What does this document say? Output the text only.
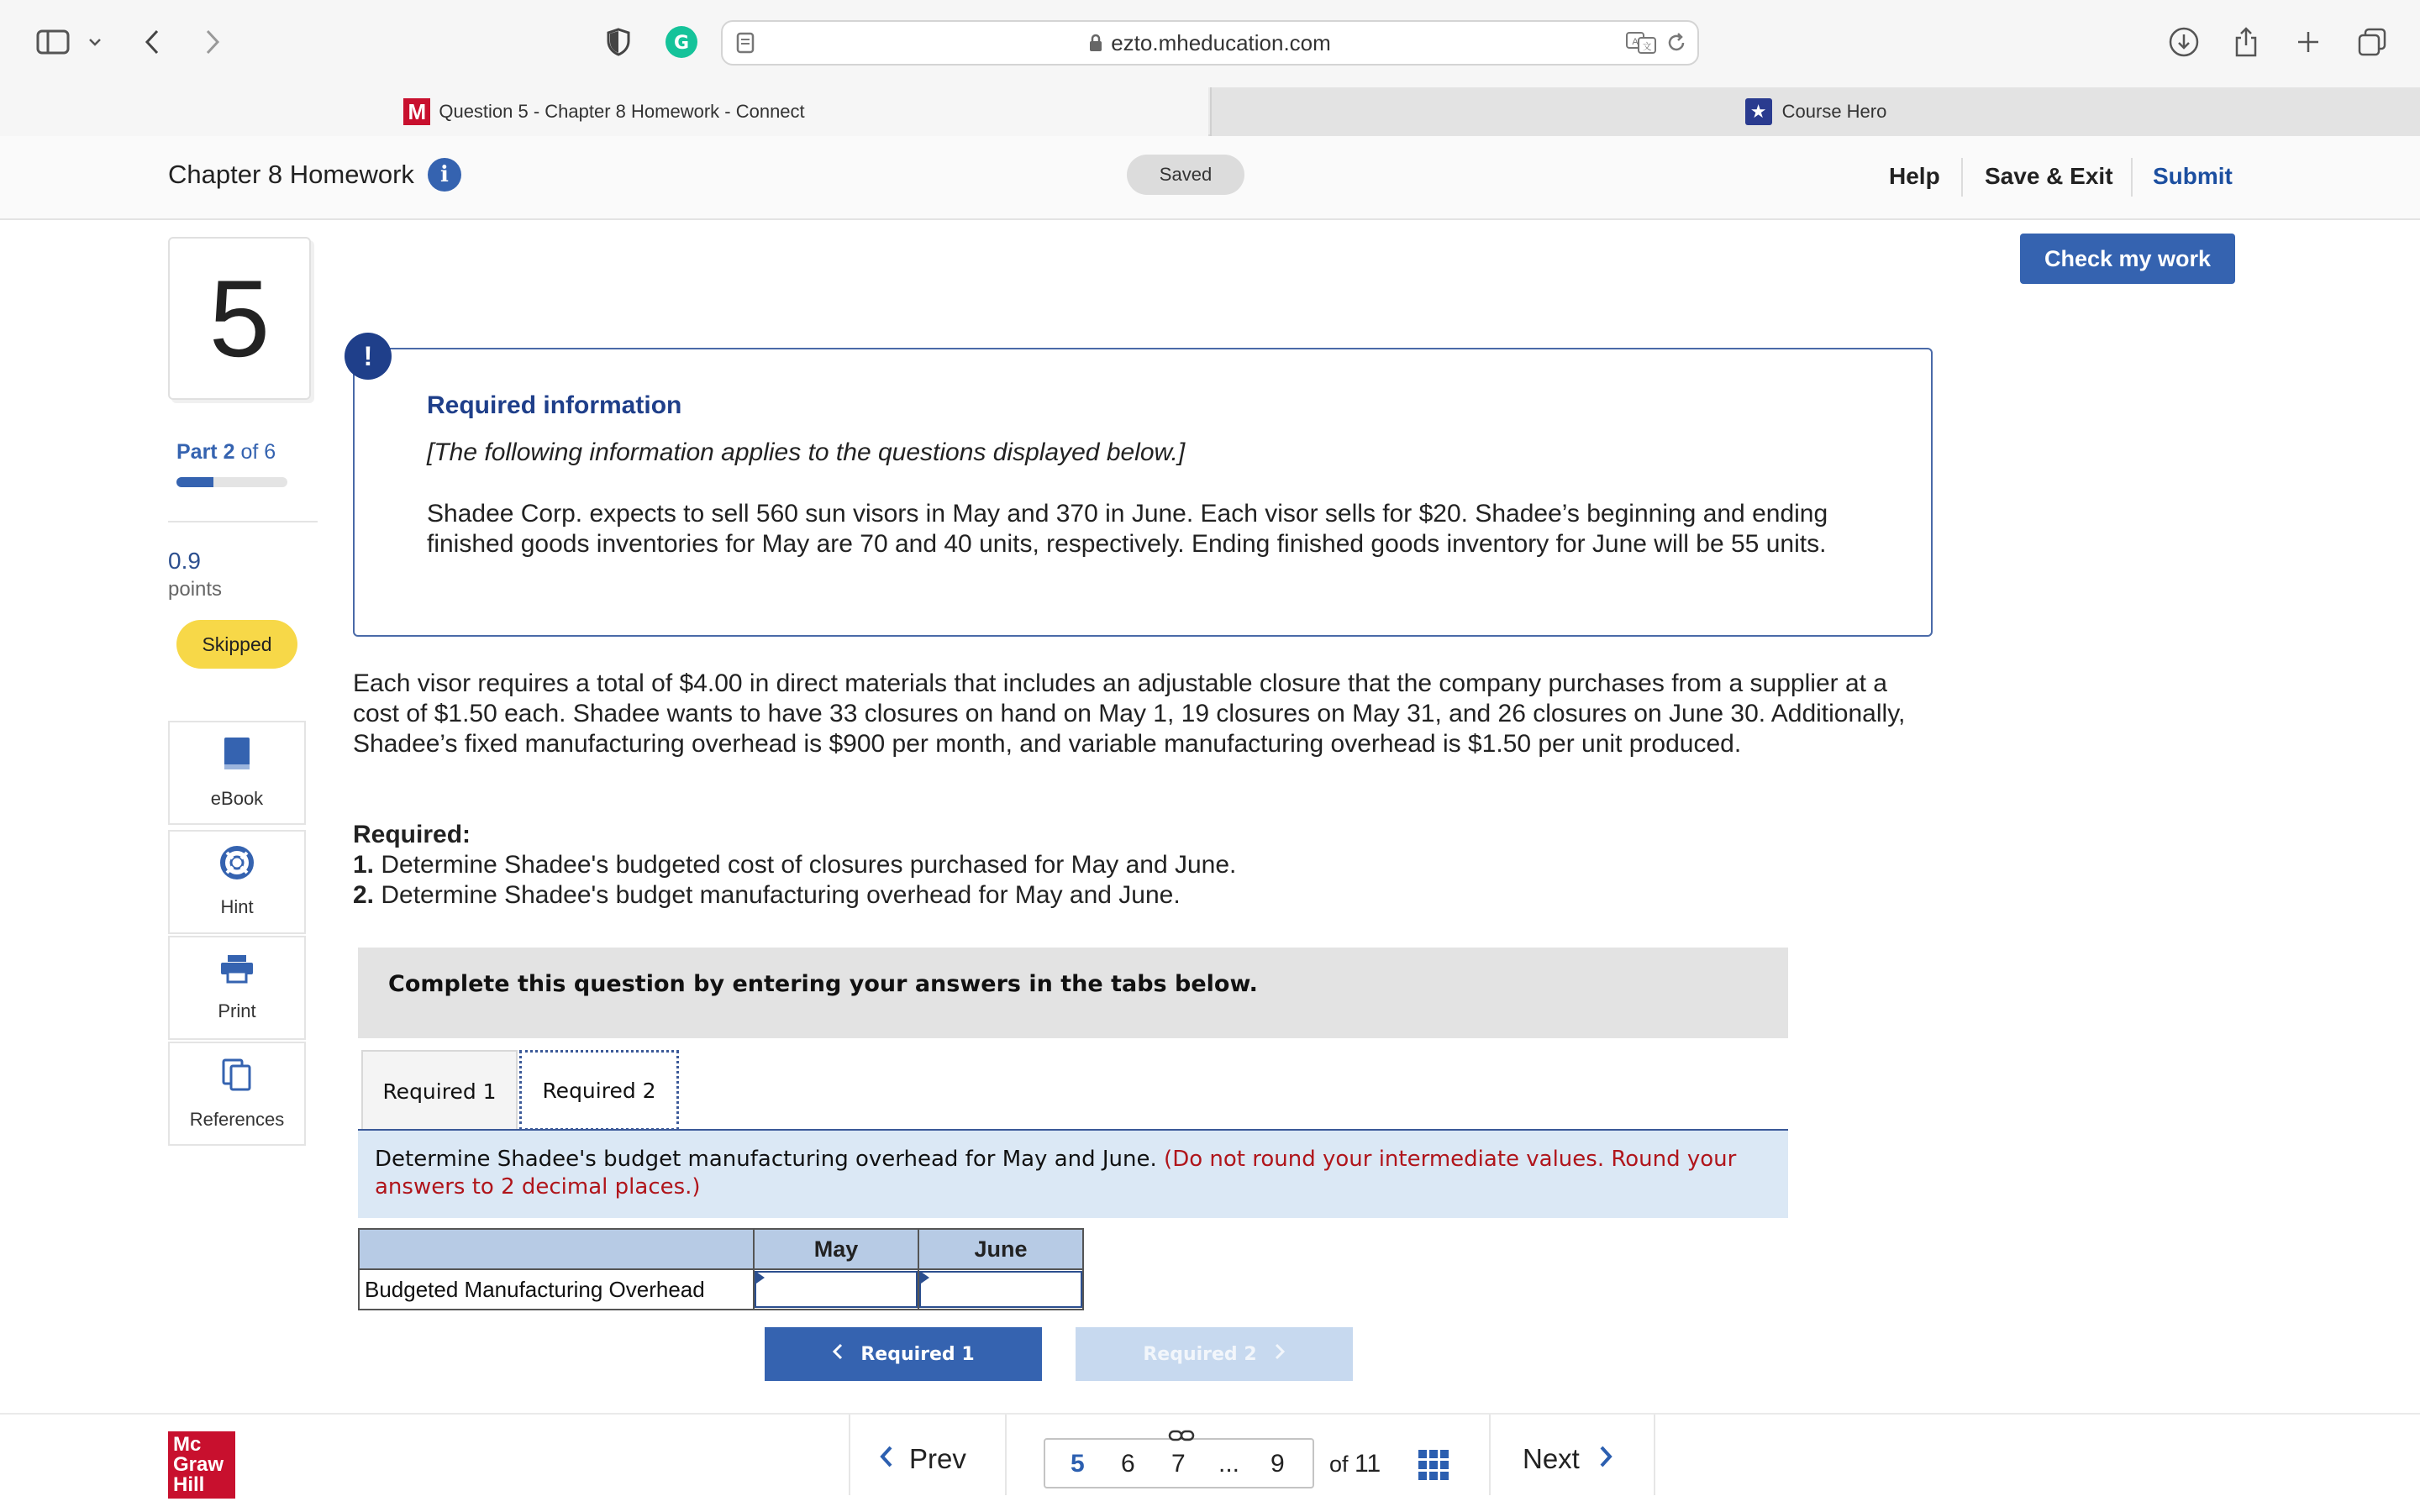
G	ezto.mheducation.com	A 文
M Question 5 - Chapter 8 Homework - Connect	★ Course Hero
Chapter 8 Homework	i	Saved	Help Save & Exit Submit
5
Part 2 of 6
0.9
points
Skipped
eBook
Hint
Print
References
Check my work
!
Required information
[The following information applies to the questions displayed below.]
Shadee Corp. expects to sell 560 sun visors in May and 370 in June. Each visor sells for $20. Shadee’s beginning and ending finished goods inventories for May are 70 and 40 units, respectively. Ending finished goods inventory for June will be 55 units.
Each visor requires a total of $4.00 in direct materials that includes an adjustable closure that the company purchases from a supplier at a cost of $1.50 each. Shadee wants to have 33 closures on hand on May 1, 19 closures on May 31, and 26 closures on June 30. Additionally, Shadee’s fixed manufacturing overhead is $900 per month, and variable manufacturing overhead is $1.50 per unit produced.
Required:
1. Determine Shadee's budgeted cost of closures purchased for May and June.
2. Determine Shadee's budget manufacturing overhead for May and June.
Complete this question by entering your answers in the tabs below.
Required 1	Required 2
Determine Shadee's budget manufacturing overhead for May and June. (Do not round your intermediate values. Round your answers to 2 decimal places.)
	May	June
Budgeted Manufacturing Overhead	

Required 1	Required 2
Mc
Graw
Hill
Prev	5 6 7 ... 9 of 11	Next
